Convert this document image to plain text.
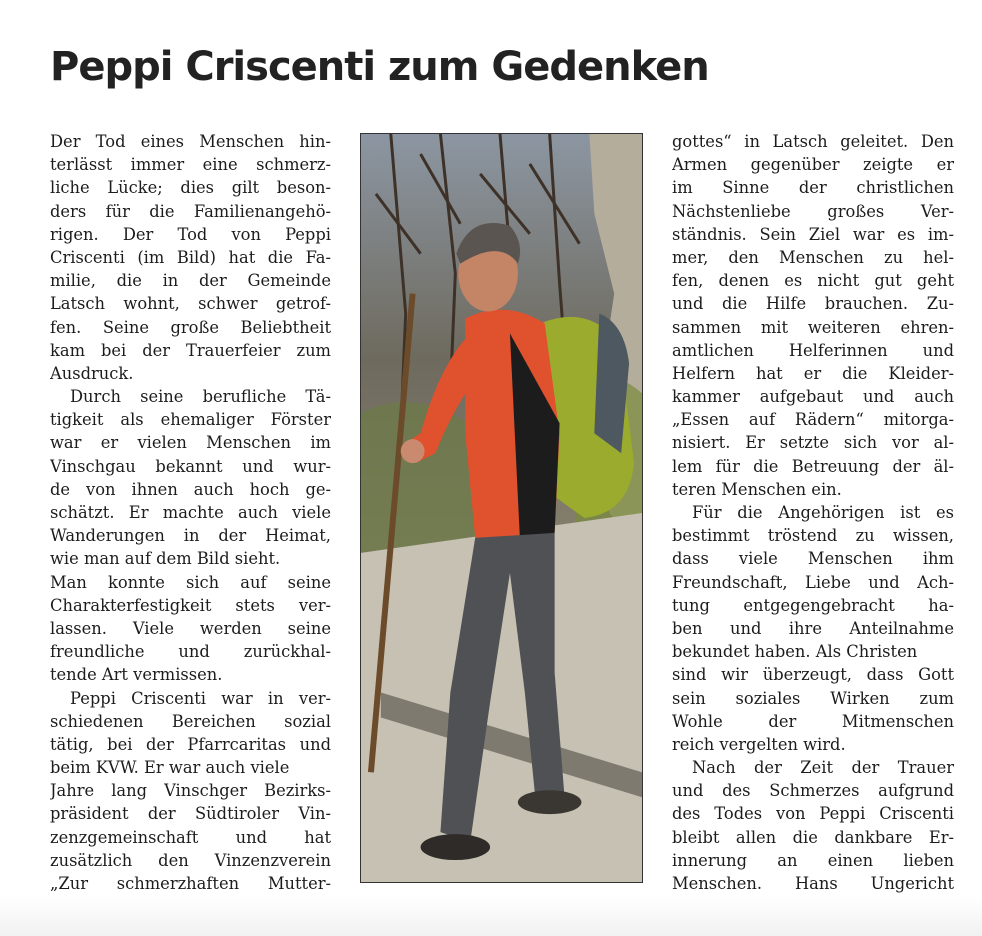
Peppi Criscenti zum Gedenken
Der Tod eines Menschen hin-
terlässt immer eine schmerz-
liche Lücke; dies gilt beson-
ders für die Familienangehö-
rigen. Der Tod von Peppi
Criscenti (im Bild) hat die Fa-
milie, die in der Gemeinde
Latsch wohnt, schwer getrof-
fen. Seine große Beliebtheit
kam bei der Trauerfeier zum
Ausdruck.
Durch seine berufliche Tä-
tigkeit als ehemaliger Förster
war er vielen Menschen im
Vinschgau bekannt und wur-
de von ihnen auch hoch ge-
schätzt. Er machte auch viele
Wanderungen in der Heimat,
wie man auf dem Bild sieht.
Man konnte sich auf seine
Charakterfestigkeit stets ver-
lassen. Viele werden seine
freundliche und zurückhal-
tende Art vermissen.
Peppi Criscenti war in ver-
schiedenen Bereichen sozial
tätig, bei der Pfarrcaritas und
beim KVW. Er war auch viele
Jahre lang Vinschger Bezirks-
präsident der Südtiroler Vin-
zenzgemeinschaft und hat
zusätzlich den Vinzenzverein
„Zur schmerzhaften Mutter-
gottes“ in Latsch geleitet. Den
Armen gegenüber zeigte er
im Sinne der christlichen
Nächstenliebe großes Ver-
ständnis. Sein Ziel war es im-
mer, den Menschen zu hel-
fen, denen es nicht gut geht
und die Hilfe brauchen. Zu-
sammen mit weiteren ehren-
amtlichen Helferinnen und
Helfern hat er die Kleider-
kammer aufgebaut und auch
„Essen auf Rädern“ mitorga-
nisiert. Er setzte sich vor al-
lem für die Betreuung der äl-
teren Menschen ein.
Für die Angehörigen ist es
bestimmt tröstend zu wissen,
dass viele Menschen ihm
Freundschaft, Liebe und Ach-
tung entgegengebracht ha-
ben und ihre Anteilnahme
bekundet haben. Als Christen
sind wir überzeugt, dass Gott
sein soziales Wirken zum
Wohle der Mitmenschen
reich vergelten wird.
Nach der Zeit der Trauer
und des Schmerzes aufgrund
des Todes von Peppi Criscenti
bleibt allen die dankbare Er-
innerung an einen lieben
Menschen. Hans Ungericht
